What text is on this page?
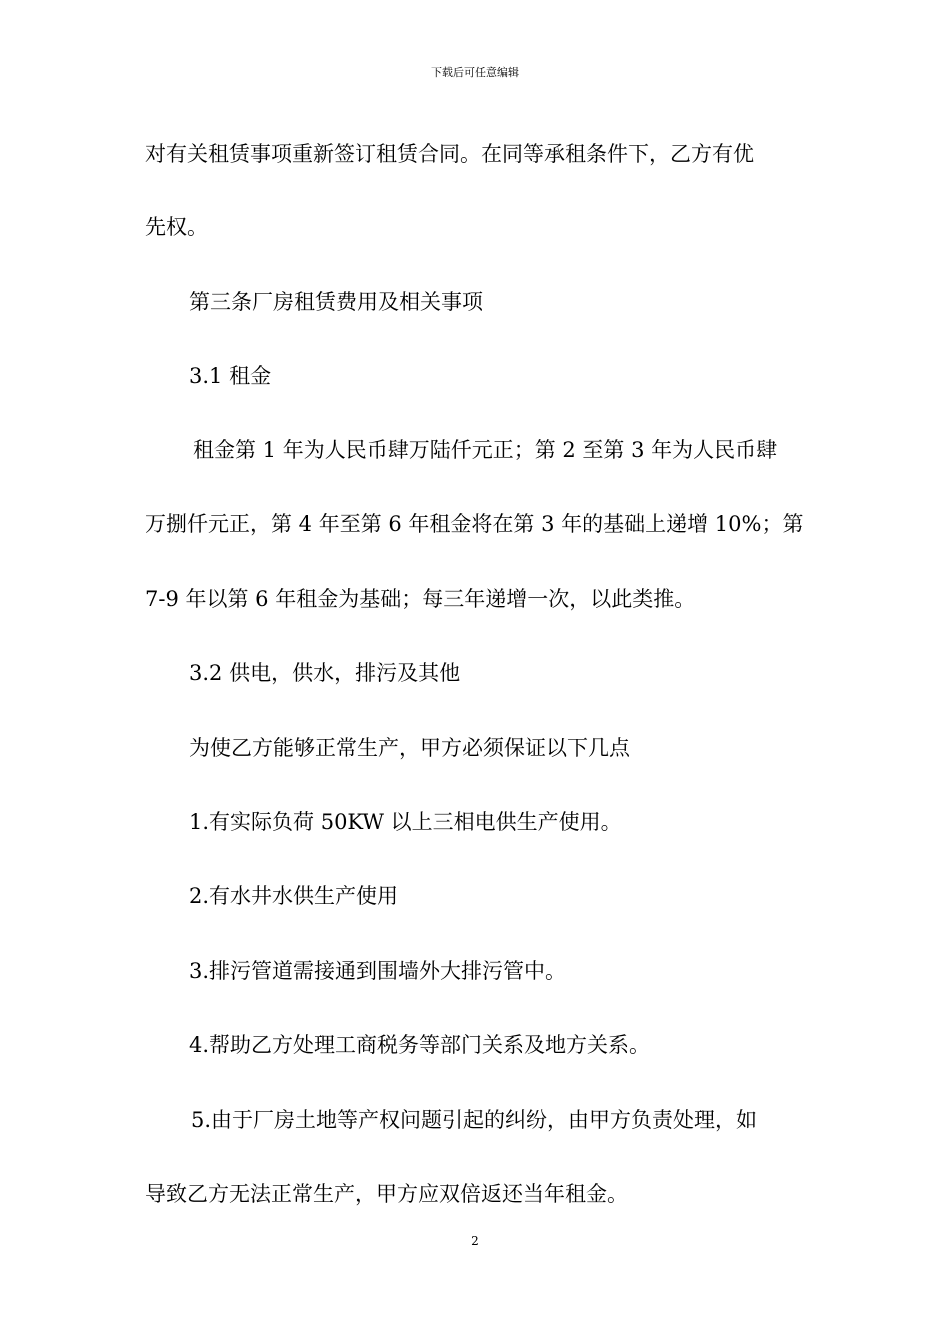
下载后可任意编辑
对有关租赁事项重新签订租赁合同。在同等承租条件下，乙方有优
先权。
第三条厂房租赁费用及相关事项
3.1 租金
租金第 1 年为人民币肆万陆仟元正；第 2 至第 3 年为人民币肆
万捌仟元正，第 4 年至第 6 年租金将在第 3 年的基础上递增 10%；第
7-9 年以第 6 年租金为基础；每三年递增一次，以此类推。
3.2 供电，供水，排污及其他
为使乙方能够正常生产，甲方必须保证以下几点
1.有实际负荷 50KW 以上三相电供生产使用。
2.有水井水供生产使用
3.排污管道需接通到围墙外大排污管中。
4.帮助乙方处理工商税务等部门关系及地方关系。
5.由于厂房土地等产权问题引起的纠纷，由甲方负责处理，如
导致乙方无法正常生产，甲方应双倍返还当年租金。
2
